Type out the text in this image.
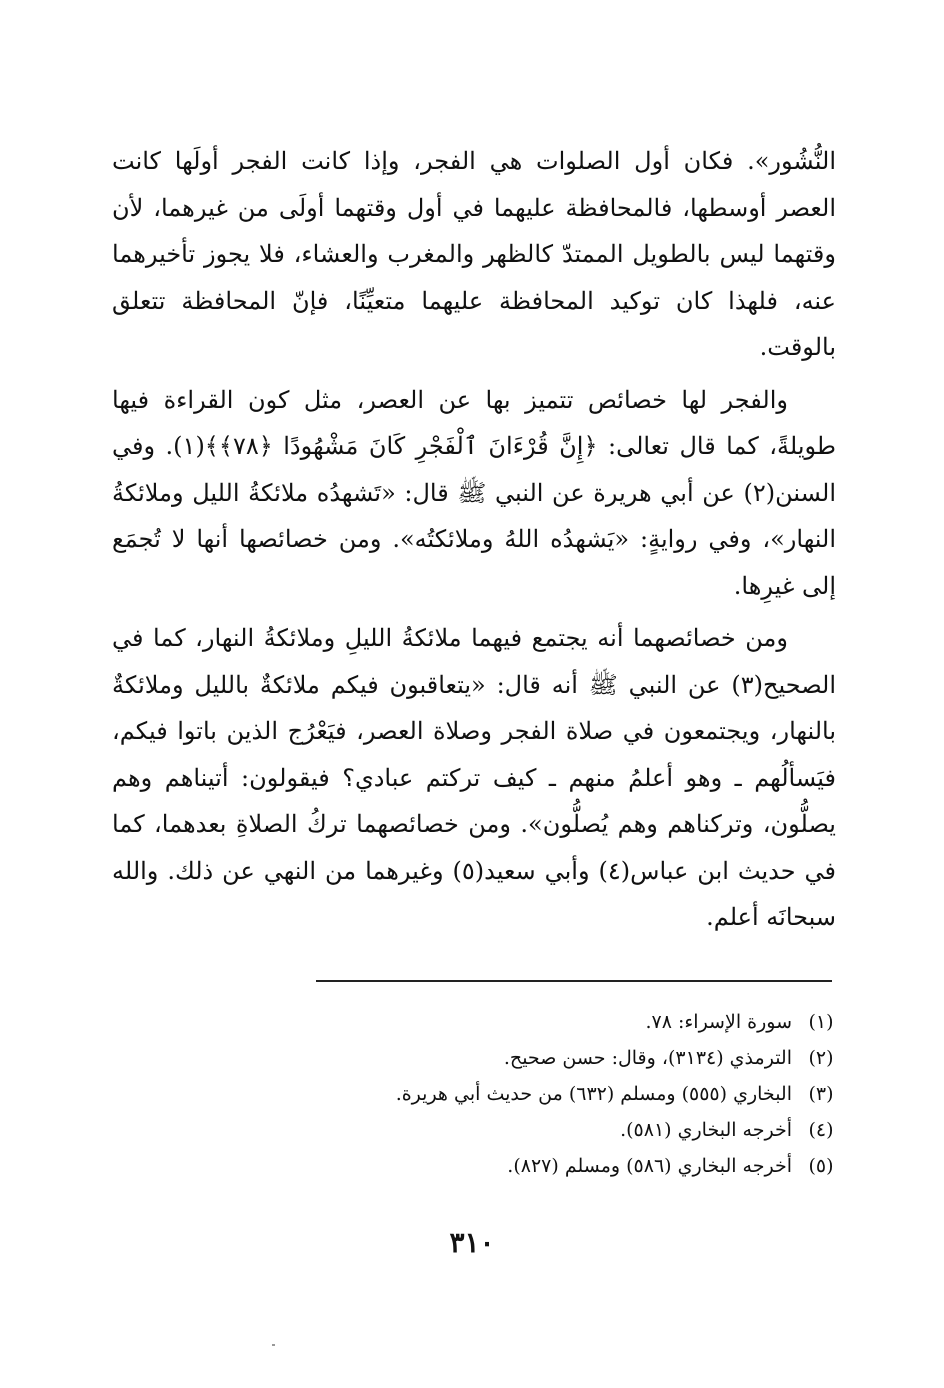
النُّشُور». فكان أول الصلوات هي الفجر، وإذا كانت الفجر أولَها كانت العصر أوسطها، فالمحافظة عليهما في أول وقتهما أولَى من غيرهما، لأن وقتهما ليس بالطويل الممتدّ كالظهر والمغرب والعشاء، فلا يجوز تأخيرهما عنه، فلهذا كان توكيد المحافظة عليهما متعيِّنًا، فإنّ المحافظة تتعلق بالوقت.

والفجر لها خصائص تتميز بها عن العصر، مثل كون القراءة فيها طويلةً، كما قال تعالى: ﴿إِنَّ قُرْءَانَ ٱلْفَجْرِ كَانَ مَشْهُودًا ﴿٧٨﴾﴾(١). وفي السنن(٢) عن أبي هريرة عن النبي ﷺ قال: «تَشهدُه ملائكةُ الليل وملائكةُ النهار»، وفي روايةٍ: «يَشهدُه اللهُ وملائكتُه». ومن خصائصها أنها لا تُجمَع إلى غيرِها.

ومن خصائصهما أنه يجتمع فيهما ملائكةُ الليلِ وملائكةُ النهار، كما في الصحيح(٣) عن النبي ﷺ أنه قال: «يتعاقبون فيكم ملائكةٌ بالليل وملائكةٌ بالنهار، ويجتمعون في صلاة الفجر وصلاة العصر، فيَعْرُج الذين باتوا فيكم، فيَسألُهم ـ وهو أعلمُ منهم ـ كيف تركتم عبادي؟ فيقولون: أتيناهم وهم يصلُّون، وتركناهم وهم يُصلُّون». ومن خصائصهما تركُ الصلاةِ بعدهما، كما في حديث ابن عباس(٤) وأبي سعيد(٥) وغيرهما من النهي عن ذلك. والله سبحانَه أعلم.

(١)
سورة الإسراء: ٧٨.
(٢)
الترمذي (٣١٣٤)، وقال: حسن صحيح.
(٣)
البخاري (٥٥٥) ومسلم (٦٣٢) من حديث أبي هريرة.
(٤)
أخرجه البخاري (٥٨١).
(٥)
أخرجه البخاري (٥٨٦) ومسلم (٨٢٧).
٣١٠
